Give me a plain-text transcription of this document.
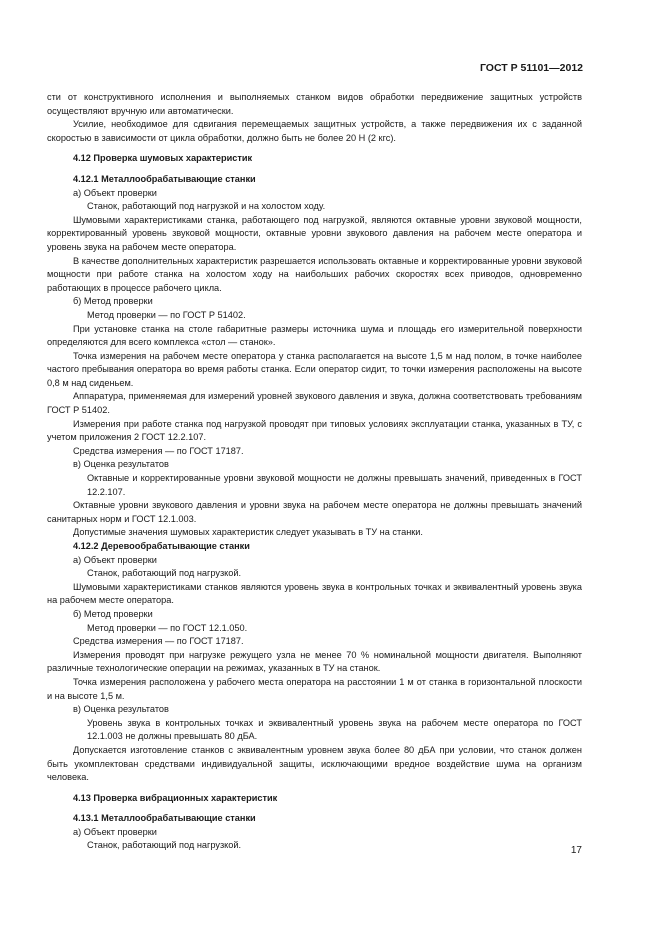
ГОСТ Р 51101—2012

сти от конструктивного исполнения и выполняемых станком видов обработки передвижение защитных устройств осуществляют вручную или автоматически.

Усилие, необходимое для сдвигания перемещаемых защитных устройств, а также передвижения их с заданной скоростью в зависимости от цикла обработки, должно быть не более 20 Н (2 кгс).

4.12 Проверка шумовых характеристик

4.12.1 Металлообрабатывающие станки

а) Объект проверки

Станок, работающий под нагрузкой и на холостом ходу.

Шумовыми характеристиками станка, работающего под нагрузкой, являются октавные уровни звуковой мощности, корректированный уровень звуковой мощности, октавные уровни звукового давления на рабочем месте оператора и уровень звука на рабочем месте оператора.

В качестве дополнительных характеристик разрешается использовать октавные и корректированные уровни звуковой мощности при работе станка на холостом ходу на наибольших рабочих скоростях всех приводов, одновременно работающих в процессе рабочего цикла.

б) Метод проверки

Метод проверки — по ГОСТ Р 51402.

При установке станка на столе габаритные размеры источника шума и площадь его измерительной поверхности определяются для всего комплекса «стол — станок».

Точка измерения на рабочем месте оператора у станка располагается на высоте 1,5 м над полом, в точке наиболее частого пребывания оператора во время работы станка. Если оператор сидит, то точки измерения расположены на высоте 0,8 м над сиденьем.

Аппаратура, применяемая для измерений уровней звукового давления и звука, должна соответствовать требованиям ГОСТ Р 51402.

Измерения при работе станка под нагрузкой проводят при типовых условиях эксплуатации станка, указанных в ТУ, с учетом приложения 2 ГОСТ 12.2.107.

Средства измерения — по ГОСТ 17187.

в) Оценка результатов

Октавные и корректированные уровни звуковой мощности не должны превышать значений, приведенных в ГОСТ 12.2.107.

Октавные уровни звукового давления и уровни звука на рабочем месте оператора не должны превышать значений санитарных норм и ГОСТ 12.1.003.

Допустимые значения шумовых характеристик следует указывать в ТУ на станки.

4.12.2 Деревообрабатывающие станки

а) Объект проверки

Станок, работающий под нагрузкой.

Шумовыми характеристиками станков являются уровень звука в контрольных точках и эквивалентный уровень звука на рабочем месте оператора.

б) Метод проверки

Метод проверки — по ГОСТ 12.1.050.

Средства измерения — по ГОСТ 17187.

Измерения проводят при нагрузке режущего узла не менее 70 % номинальной мощности двигателя. Выполняют различные технологические операции на режимах, указанных в ТУ на станок.

Точка измерения расположена у рабочего места оператора на расстоянии 1 м от станка в горизонтальной плоскости и на высоте 1,5 м.

в) Оценка результатов

Уровень звука в контрольных точках и эквивалентный уровень звука на рабочем месте оператора по ГОСТ 12.1.003 не должны превышать 80 дБА.

Допускается изготовление станков с эквивалентным уровнем звука более 80 дБА при условии, что станок должен быть укомплектован средствами индивидуальной защиты, исключающими вредное воздействие шума на организм человека.

4.13 Проверка вибрационных характеристик

4.13.1 Металлообрабатывающие станки

а) Объект проверки

Станок, работающий под нагрузкой.	17
